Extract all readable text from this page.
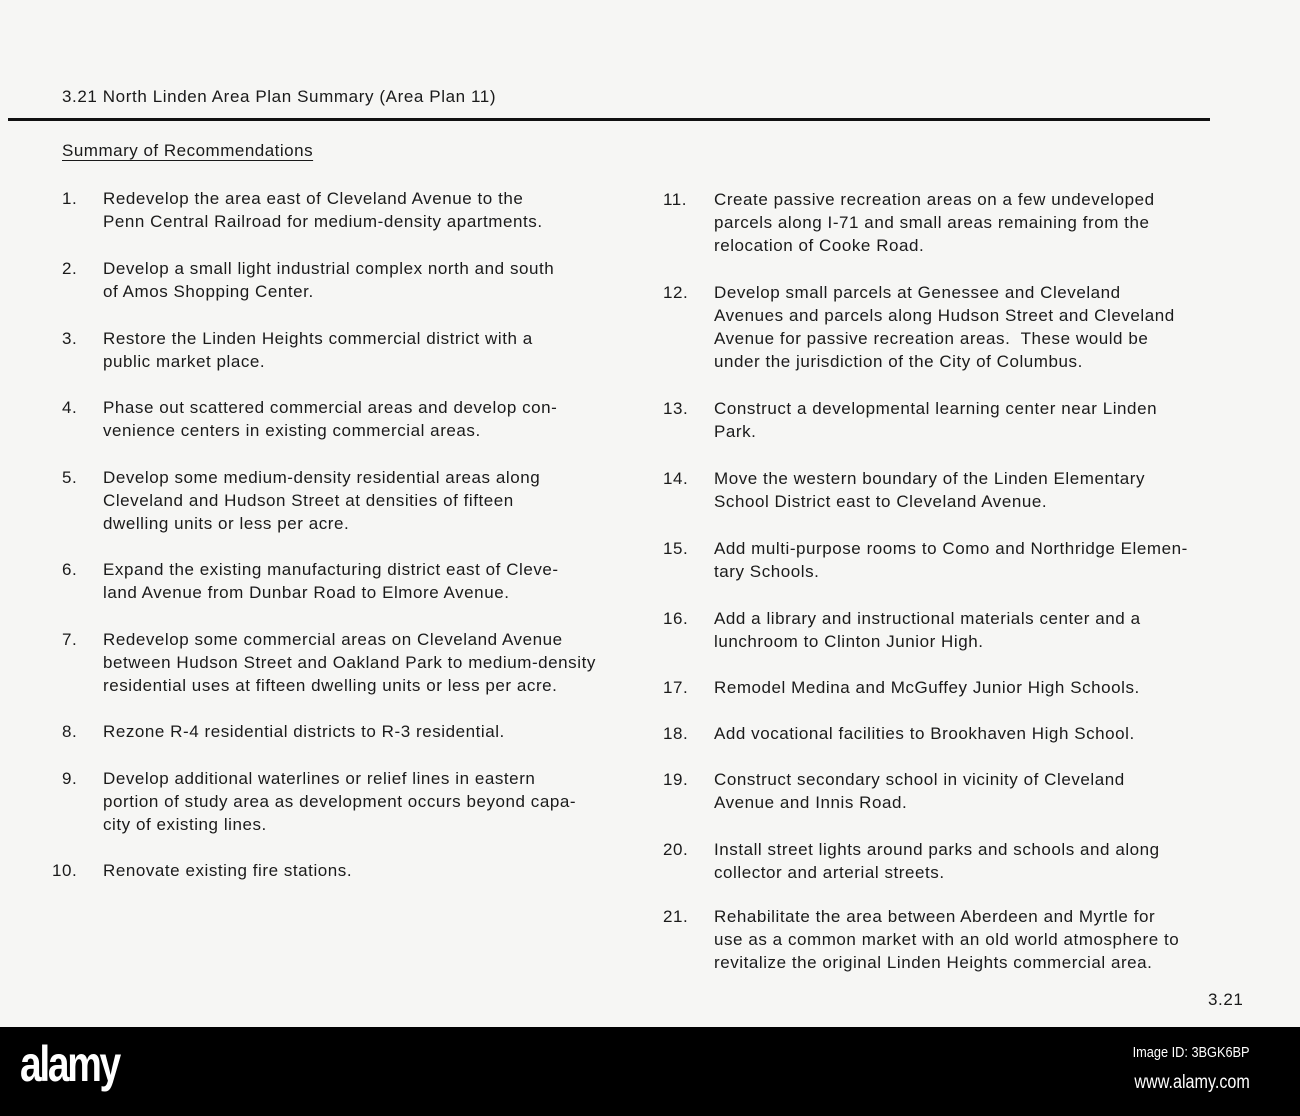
3.21 North Linden Area Plan Summary (Area Plan 11)
Summary of Recommendations
1.	Redevelop the area east of Cleveland Avenue to the
Penn Central Railroad for medium-density apartments.
2.	Develop a small light industrial complex north and south
of Amos Shopping Center.
3.	Restore the Linden Heights commercial district with a
public market place.
4.	Phase out scattered commercial areas and develop con-
venience centers in existing commercial areas.
5.	Develop some medium-density residential areas along
Cleveland and Hudson Street at densities of fifteen
dwelling units or less per acre.
6.	Expand the existing manufacturing district east of Cleve-
land Avenue from Dunbar Road to Elmore Avenue.
7.	Redevelop some commercial areas on Cleveland Avenue
between Hudson Street and Oakland Park to medium-density
residential uses at fifteen dwelling units or less per acre.
8.	Rezone R-4 residential districts to R-3 residential.
9.	Develop additional waterlines or relief lines in eastern
portion of study area as development occurs beyond capa-
city of existing lines.
10.	Renovate existing fire stations.
11.	Create passive recreation areas on a few undeveloped
parcels along I-71 and small areas remaining from the
relocation of Cooke Road.
12.	Develop small parcels at Genessee and Cleveland
Avenues and parcels along Hudson Street and Cleveland
Avenue for passive recreation areas.  These would be
under the jurisdiction of the City of Columbus.
13.	Construct a developmental learning center near Linden
Park.
14.	Move the western boundary of the Linden Elementary
School District east to Cleveland Avenue.
15.	Add multi-purpose rooms to Como and Northridge Elemen-
tary Schools.
16.	Add a library and instructional materials center and a
lunchroom to Clinton Junior High.
17.	Remodel Medina and McGuffey Junior High Schools.
18.	Add vocational facilities to Brookhaven High School.
19.	Construct secondary school in vicinity of Cleveland
Avenue and Innis Road.
20.	Install street lights around parks and schools and along
collector and arterial streets.
21.	Rehabilitate the area between Aberdeen and Myrtle for
use as a common market with an old world atmosphere to
revitalize the original Linden Heights commercial area.
3.21
alamy	Image ID: 3BGK6BP
www.alamy.com
